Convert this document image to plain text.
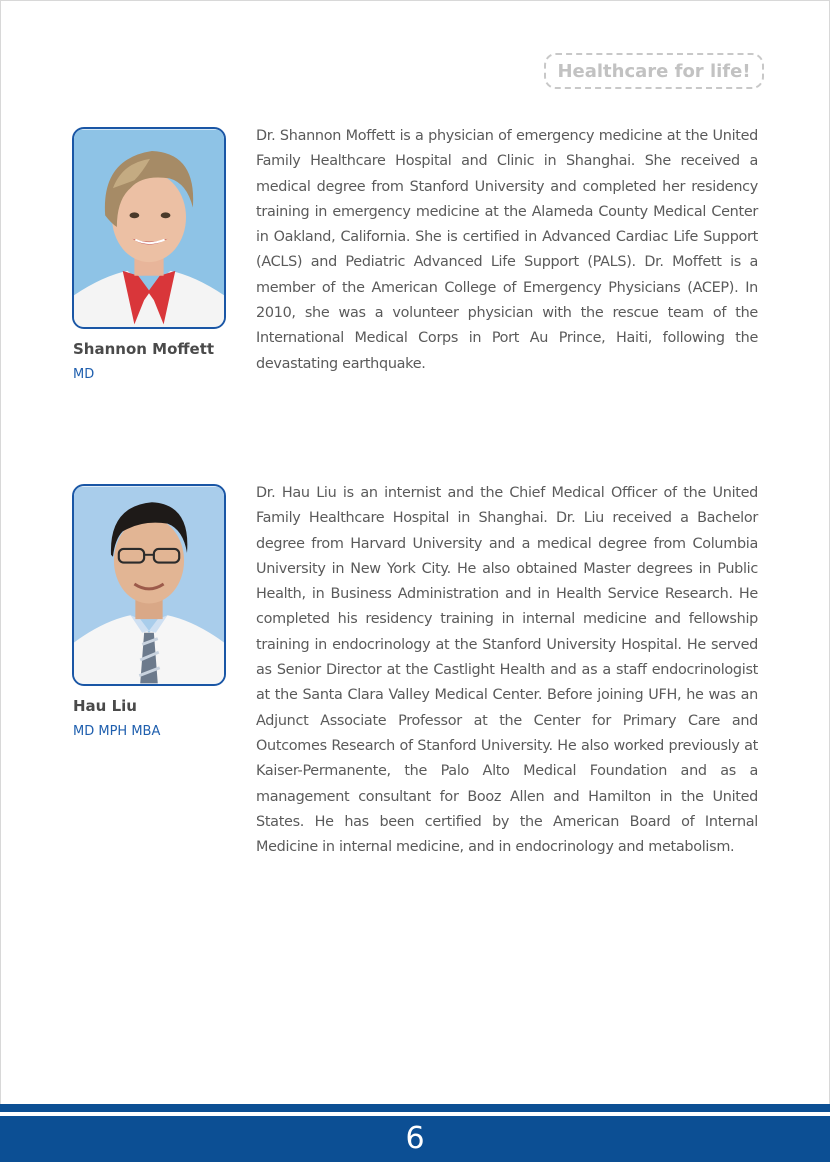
Healthcare for life!
Shannon Moffett
MD
Dr. Shannon Moffett is a physician of emergency medicine at the United Family Healthcare Hospital and Clinic in Shanghai. She received a medical degree from Stanford University and completed her residency training in emergency medicine at the Alameda County Medical Center in Oakland, California. She is certified in Advanced Cardiac Life Support (ACLS) and Pediatric Advanced Life Support (PALS). Dr. Moffett is a member of the American College of Emergency Physicians (ACEP). In 2010, she was a volunteer physician with the rescue team of the International Medical Corps in Port Au Prince, Haiti, following the devastating earthquake.
Hau Liu
MD MPH MBA
Dr. Hau Liu is an internist and the Chief Medical Officer of the United Family Healthcare Hospital in Shanghai. Dr. Liu received a Bachelor degree from Harvard University and a medical degree from Columbia University in New York City. He also obtained Master degrees in Public Health, in Business Administration and in Health Service Research. He completed his residency training in internal medicine and fellowship training in endocrinology at the Stanford University Hospital. He served as Senior Director at the Castlight Health and as a staff endocrinologist at the Santa Clara Valley Medical Center. Before joining UFH, he was an Adjunct Associate Professor at the Center for Primary Care and Outcomes Research of Stanford University. He also worked previously at Kaiser-Permanente, the Palo Alto Medical Foundation and as a management consultant for Booz Allen and Hamilton in the United States. He has been certified by the American Board of Internal Medicine in internal medicine, and in endocrinology and metabolism.
6
